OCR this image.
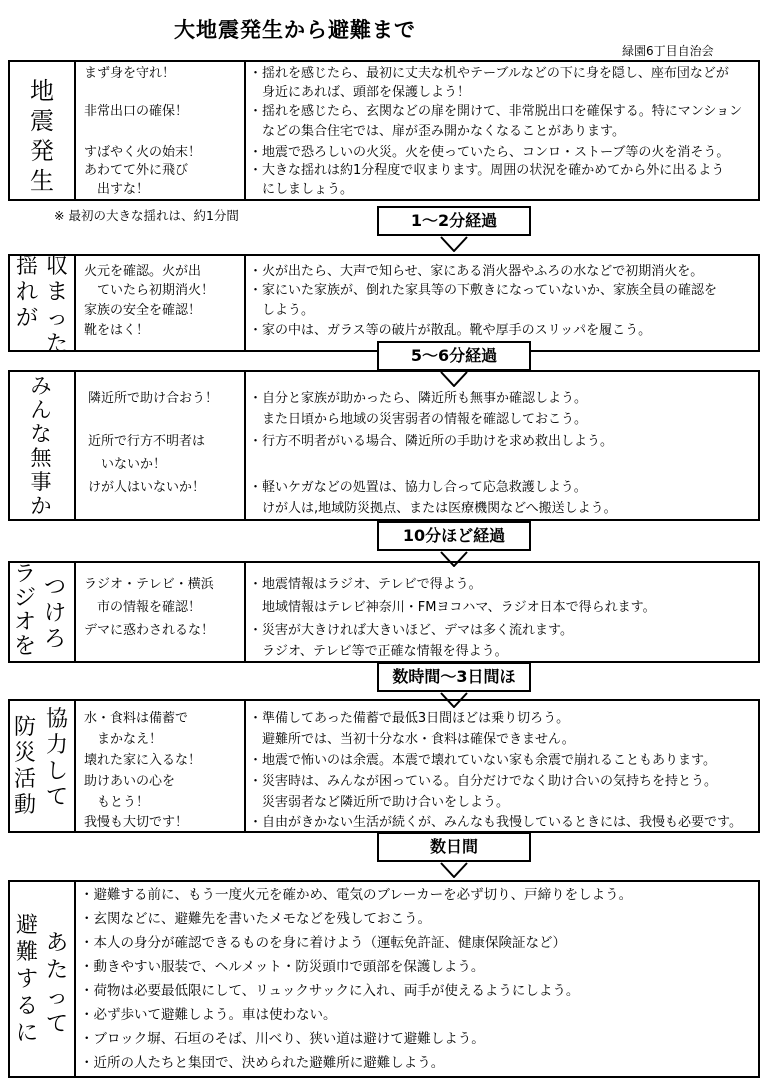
大地震発生から避難まで
緑園6丁目自治会
地
震
発
生
まず身を守れ！
非常出口の確保！
すばやく火の始末！
あわてて外に飛び
　出すな！
・揺れを感じたら、最初に丈夫な机やテーブルなどの下に身を隠し、座布団などが
　身近にあれば、頭部を保護しよう！
・揺れを感じたら、玄関などの扉を開けて、非常脱出口を確保する。特にマンション
　などの集合住宅では、扉が歪み開かなくなることがあります。
・地震で恐ろしいの火災。火を使っていたら、コンロ・ストーブ等の火を消そう。
・大きな揺れは約1分程度で収まります。周囲の状況を確かめてから外に出るよう
　にしましょう。
※ 最初の大きな揺れは、約1分間	1〜2分経過
揺
れ
が
収
ま
っ
た
火元を確認。火が出
　ていたら初期消火！
家族の安全を確認！
靴をはく！
・火が出たら、大声で知らせ、家にある消火器やふろの水などで初期消火を。
・家にいた家族が、倒れた家具等の下敷きになっていないか、家族全員の確認を
　しよう。
・家の中は、ガラス等の破片が散乱。靴や厚手のスリッパを履こう。
5〜6分経過
み
ん
な
無
事
か
隣近所で助け合おう！
近所で行方不明者は
　いないか！
けが人はいないか！
・自分と家族が助かったら、隣近所も無事か確認しよう。
　また日頃から地域の災害弱者の情報を確認しておこう。
・行方不明者がいる場合、隣近所の手助けを求め救出しよう。
・軽いケガなどの処置は、協力し合って応急救護しよう。
　けが人は,地域防災拠点、または医療機関などへ搬送しよう。
10分ほど経過
ラ
ジ
オ
を
つ
け
ろ
ラジオ・テレビ・横浜
　市の情報を確認！
デマに惑わされるな！
・地震情報はラジオ、テレビで得よう。
　地域情報はテレビ神奈川・FMヨコハマ、ラジオ日本で得られます。
・災害が大きければ大きいほど、デマは多く流れます。
　ラジオ、テレビ等で正確な情報を得よう。
数時間〜3日間ほ
防
災
活
動
協
力
し
て
水・食料は備蓄で
　まかなえ！
壊れた家に入るな！
助けあいの心を
　もとう！
我慢も大切です！
・準備してあった備蓄で最低3日間ほどは乗り切ろう。
　避難所では、当初十分な水・食料は確保できません。
・地震で怖いのは余震。本震で壊れていない家も余震で崩れることもあります。
・災害時は、みんなが困っている。自分だけでなく助け合いの気持ちを持とう。
　災害弱者など隣近所で助け合いをしよう。
・自由がきかない生活が続くが、みんなも我慢しているときには、我慢も必要です。
数日間
避
難
す
る
に
あ
た
っ
て
・避難する前に、もう一度火元を確かめ、電気のブレーカーを必ず切り、戸締りをしよう。
・玄関などに、避難先を書いたメモなどを残しておこう。
・本人の身分が確認できるものを身に着けよう（運転免許証、健康保険証など）
・動きやすい服装で、ヘルメット・防災頭巾で頭部を保護しよう。
・荷物は必要最低限にして、リュックサックに入れ、両手が使えるようにしよう。
・必ず歩いて避難しよう。車は使わない。
・ブロック塀、石垣のそば、川べり、狭い道は避けて避難しよう。
・近所の人たちと集団で、決められた避難所に避難しよう。
